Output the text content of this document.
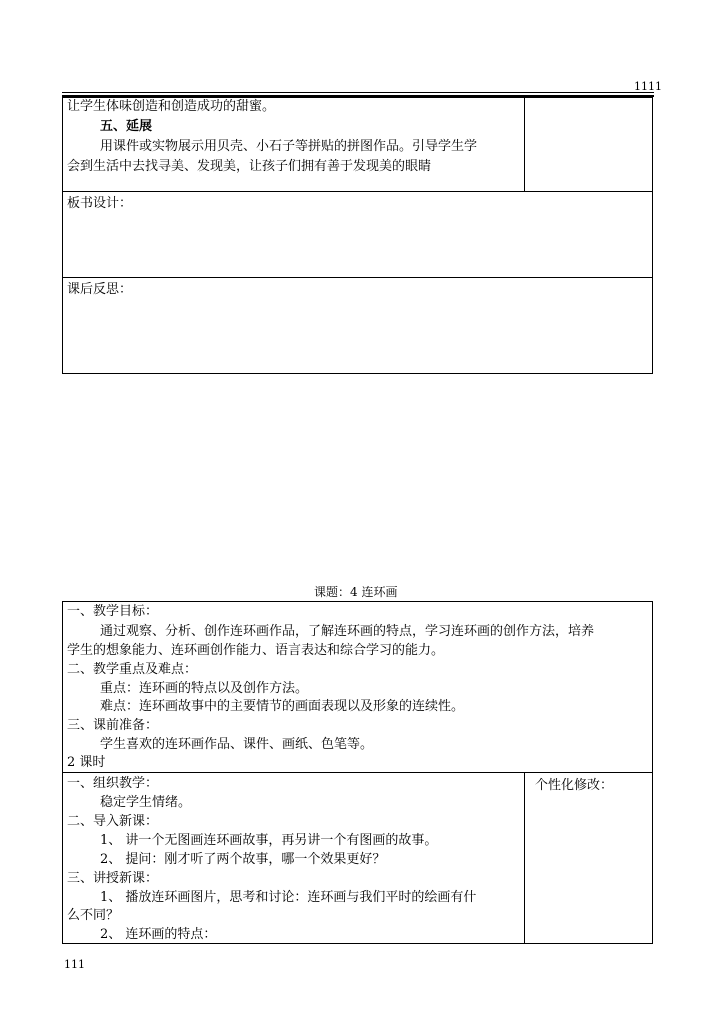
1111
让学生体味创造和创造成功的甜蜜。
五、延展
用课件或实物展示用贝壳、小石子等拼贴的拼图作品。引导学生学
会到生活中去找寻美、发现美，让孩子们拥有善于发现美的眼睛
板书设计：
课后反思：
课题：4 连环画
一、教学目标：
通过观察、分析、创作连环画作品，了解连环画的特点，学习连环画的创作方法，培养
学生的想象能力、连环画创作能力、语言表达和综合学习的能力。
二、教学重点及难点：
重点：连环画的特点以及创作方法。
难点：连环画故事中的主要情节的画面表现以及形象的连续性。
三、课前准备：
学生喜欢的连环画作品、课件、画纸、色笔等。
2 课时
一、组织教学：
稳定学生情绪。
二、导入新课：
1、 讲一个无图画连环画故事，再另讲一个有图画的故事。
2、 提问：刚才听了两个故事，哪一个效果更好？
三、讲授新课：
1、 播放连环画图片，思考和讨论：连环画与我们平时的绘画有什
么不同？
2、 连环画的特点：
个性化修改：
111
